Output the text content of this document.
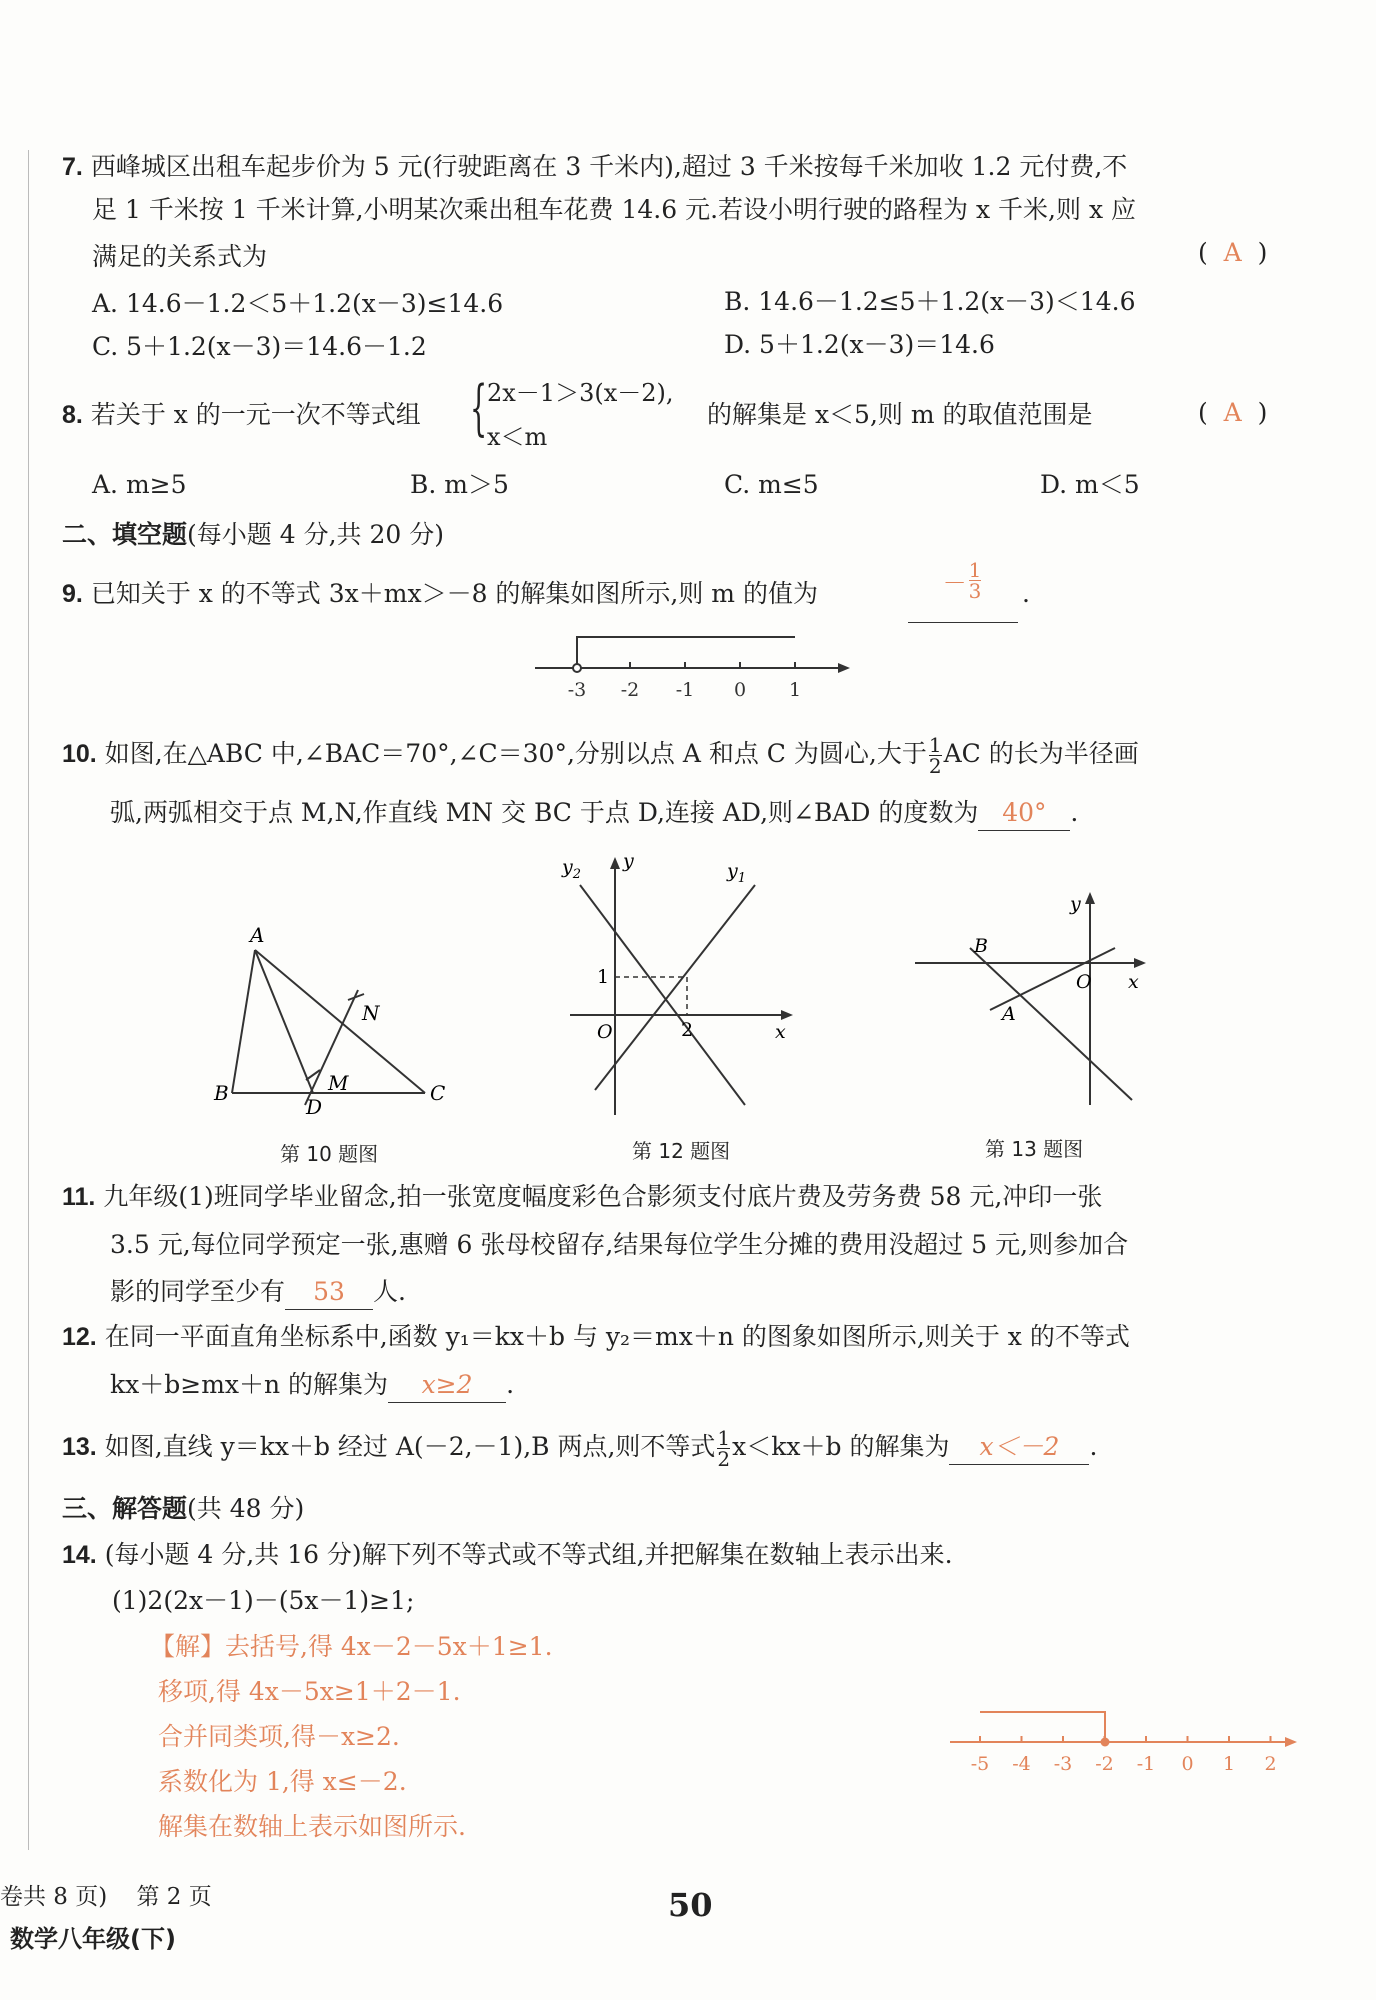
7. 西峰城区出租车起步价为 5 元(行驶距离在 3 千米内),超过 3 千米按每千米加收 1.2 元付费,不
足 1 千米按 1 千米计算,小明某次乘出租车花费 14.6 元.若设小明行驶的路程为 x 千米,则 x 应
满足的关系式为	(  A  )
A. 14.6－1.2＜5＋1.2(x－3)≤14.6	B. 14.6－1.2≤5＋1.2(x－3)＜14.6
C. 5＋1.2(x－3)＝14.6－1.2	D. 5＋1.2(x－3)＝14.6
8. 若关于 x 的一元一次不等式组 { 2x－1＞3(x－2),
x＜m
的解集是 x＜5,则 m 的取值范围是	(  A  )
A. m≥5	B. m＞5	C. m≤5	D. m＜5
二、填空题(每小题 4 分,共 20 分)
9. 已知关于 x 的不等式 3x＋mx＞－8 的解集如图所示,则 m 的值为	－ $\frac{1}{3}$ .
-3 -2 -1 0 1
10. 如图,在△ABC 中,∠BAC＝70°,∠C＝30°,分别以点 A 和点 C 为圆心,大于 $\frac{1}{2}$ AC 的长为半径画
弧,两弧相交于点 M,N,作直线 MN 交 BC 于点 D,连接 AD,则∠BAD 的度数为 40° .
A
B	C
D
M
N
第 10 题图
$y_2$
y	$y_1$
x
O
1
2
第 12 题图
y
x
O
B
A
第 13 题图
11. 九年级(1)班同学毕业留念,拍一张宽度幅度彩色合影须支付底片费及劳务费 58 元,冲印一张
3.5 元,每位同学预定一张,惠赠 6 张母校留存,结果每位学生分摊的费用没超过 5 元,则参加合
影的同学至少有 53 人.
12. 在同一平面直角坐标系中,函数 y₁＝kx＋b 与 y₂＝mx＋n 的图象如图所示,则关于 x 的不等式
kx＋b≥mx＋n 的解集为 x≥2 .
13. 如图,直线 y＝kx＋b 经过 A(－2,－1),B 两点,则不等式 $\frac{1}{2} x<kx+b$ 的解集为 x＜－2 .
三、解答题(共 48 分)
14. (每小题 4 分,共 16 分)解下列不等式或不等式组,并把解集在数轴上表示出来.
(1)2(2x－1)－(5x－1)≥1;
【解】去括号,得 4x－2－5x＋1≥1.
移项,得 4x－5x≥1＋2－1.
合并同类项,得－x≥2.
系数化为 1,得 x≤－2.
解集在数轴上表示如图所示.
-5 -4 -3 -2 -1 0 1 2
卷共 8 页) 第 2 页	50
数学八年级(下)
